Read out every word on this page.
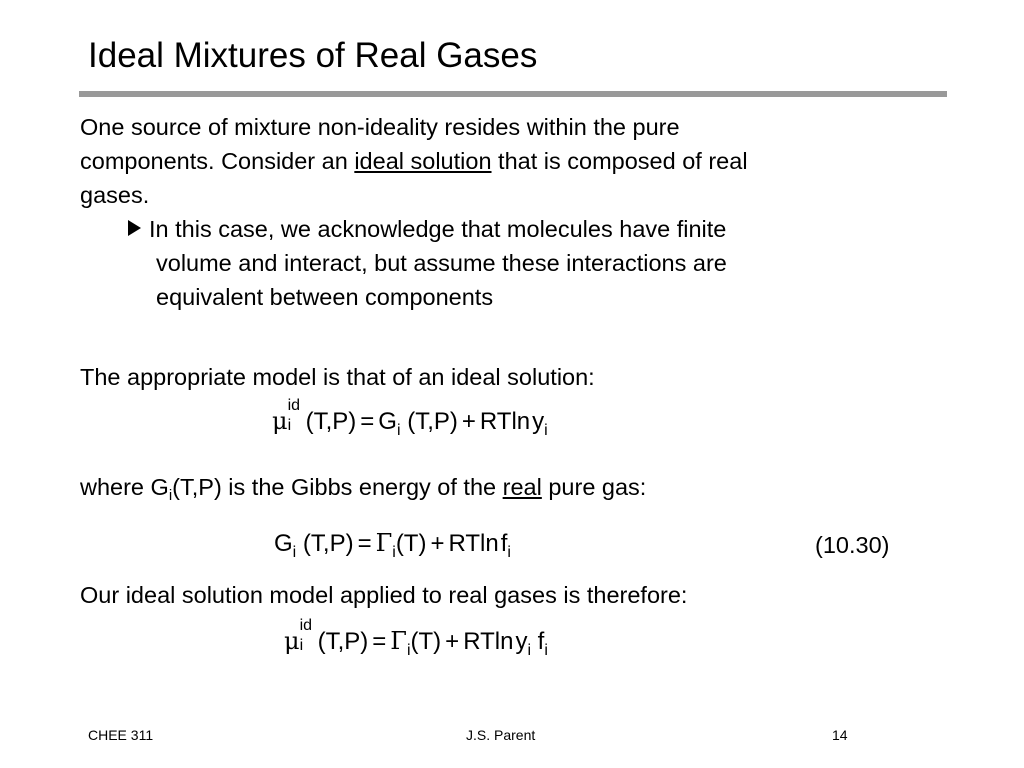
Ideal Mixtures of Real Gases
One source of mixture non-ideality resides within the pure
components. Consider an ideal solution that is composed of real
gases.
In this case, we acknowledge that molecules have finite
volume and interact, but assume these interactions are
equivalent between components
The appropriate model is that of an ideal solution:
μ
id
i $(T,P) = G_i$ (T,P) + RTlny$_i$
where $G_i(T,P)$ is the Gibbs energy of the real pure gas:
$G_i$ $(T,P) = \Gamma_i(T) + RTlnf_i$	(10.30)
Our ideal solution model applied to real gases is therefore:
μ
id
i $(T,P) = \Gamma_i(T) + RTlny_i$ $f_i$
CHEE 311	J.S. Parent	14
